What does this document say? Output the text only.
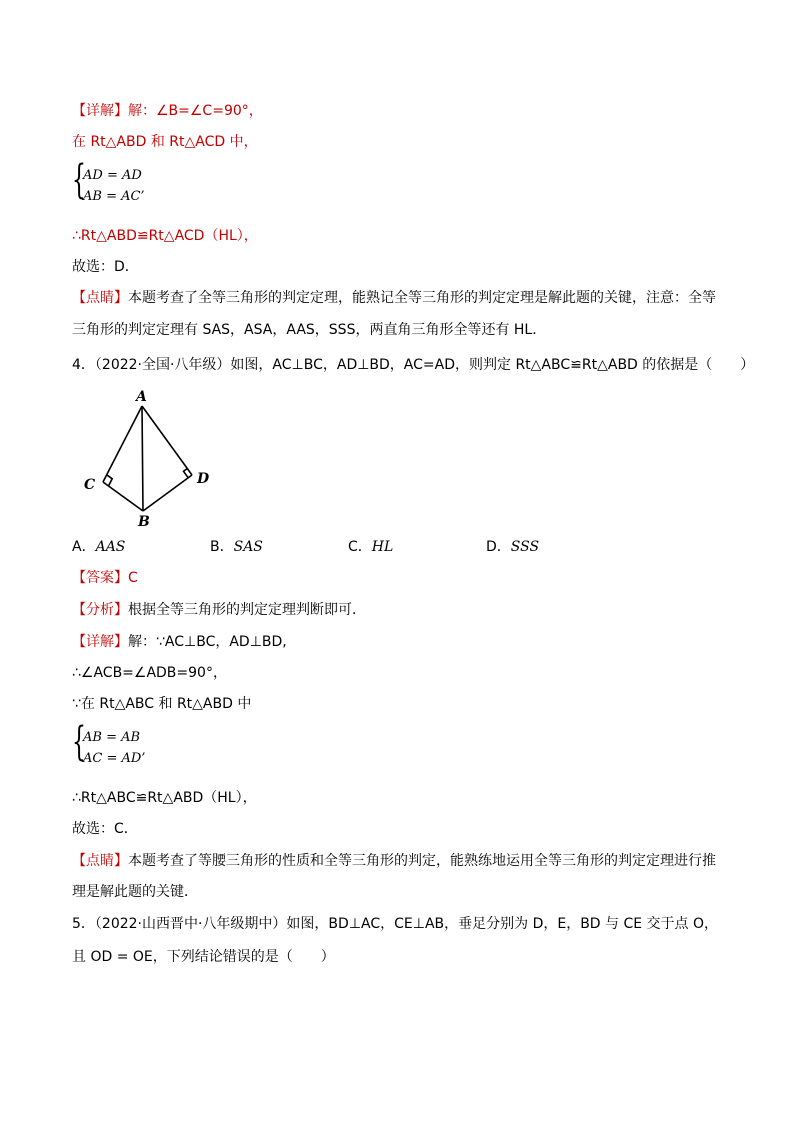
【详解】解：∠B=∠C=90°，
在 Rt△ABD 和 Rt△ACD 中，
{
AD = AD
AB = AC’
∴Rt△ABD≌Rt△ACD（HL），
故选：D．
【点睛】本题考查了全等三角形的判定定理，能熟记全等三角形的判定定理是解此题的关键，注意：全等
三角形的判定定理有 SAS，ASA，AAS，SSS，两直角三角形全等还有 HL．
4．（2022·全国·八年级）如图，AC⊥BC，AD⊥BD，AC=AD，则判定 Rt△ABC≌Rt△ABD 的依据是（　　）
A
B
C	D
A．AAS	B．SAS	C．HL	D．SSS
【答案】C
【分析】根据全等三角形的判定定理判断即可．
【详解】解：∵AC⊥BC，AD⊥BD,
∴∠ACB=∠ADB=90°，
∵在 Rt△ABC 和 Rt△ABD 中
{
AB = AB
AC = AD’
∴Rt△ABC≌Rt△ABD（HL），
故选：C．
【点睛】本题考查了等腰三角形的性质和全等三角形的判定，能熟练地运用全等三角形的判定定理进行推
理是解此题的关键．
5．（2022·山西晋中·八年级期中）如图，BD⊥AC，CE⊥AB，垂足分别为 D，E，BD 与 CE 交于点 O，
且 OD = OE，下列结论错误的是（　　）
